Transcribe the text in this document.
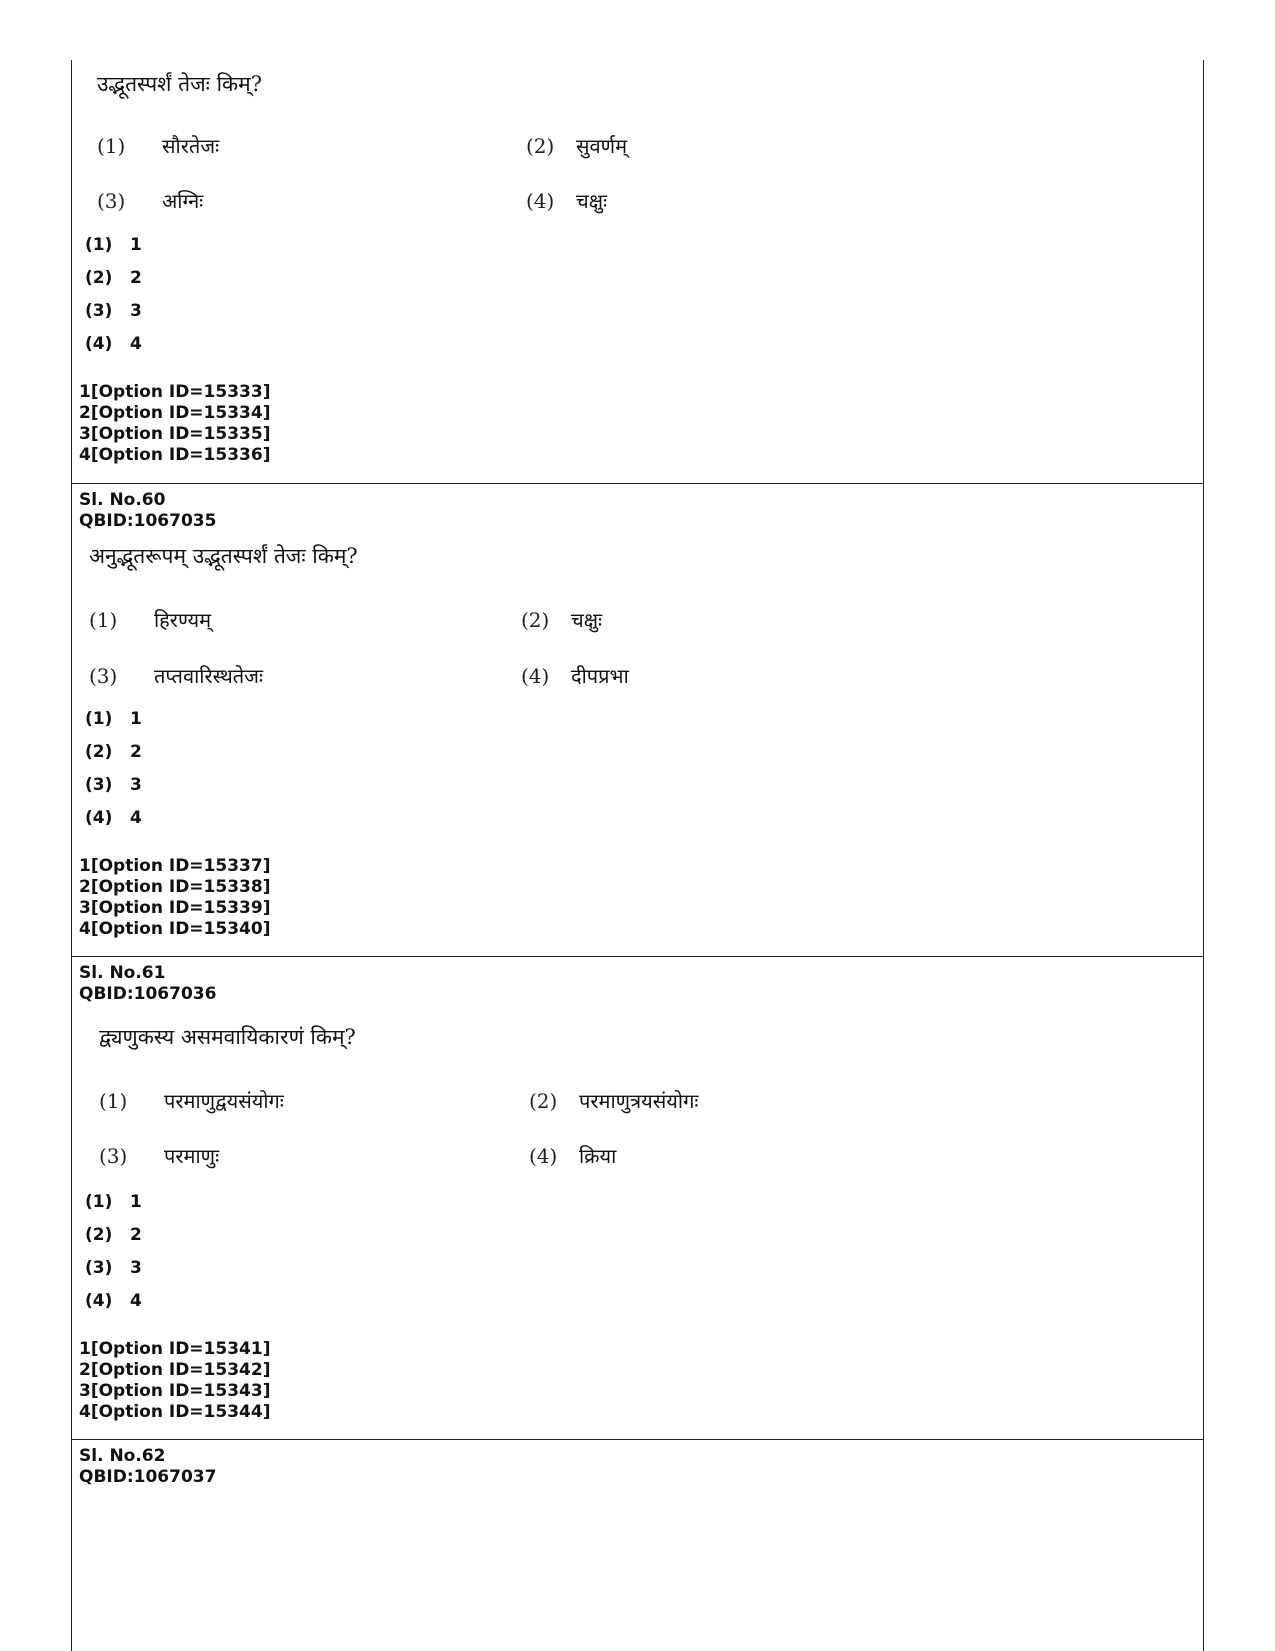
उद्भूतस्पर्शं तेजः किम्?
(1) सौरतेजः	(2) सुवर्णम्
(3) अग्निः	(4) चक्षुः
(1) 1
(2) 2
(3) 3
(4) 4
1[Option ID=15333]
2[Option ID=15334]
3[Option ID=15335]
4[Option ID=15336]
Sl. No.60
QBID:1067035
अनुद्भूतरूपम् उद्भूतस्पर्शं तेजः किम्?
(1) हिरण्यम्	(2) चक्षुः
(3) तप्तवारिस्थतेजः	(4) दीपप्रभा
(1) 1
(2) 2
(3) 3
(4) 4
1[Option ID=15337]
2[Option ID=15338]
3[Option ID=15339]
4[Option ID=15340]
Sl. No.61
QBID:1067036
द्व्यणुकस्य असमवायिकारणं किम्?
(1) परमाणुद्वयसंयोगः	(2) परमाणुत्रयसंयोगः
(3) परमाणुः	(4) क्रिया
(1) 1
(2) 2
(3) 3
(4) 4
1[Option ID=15341]
2[Option ID=15342]
3[Option ID=15343]
4[Option ID=15344]
Sl. No.62
QBID:1067037
